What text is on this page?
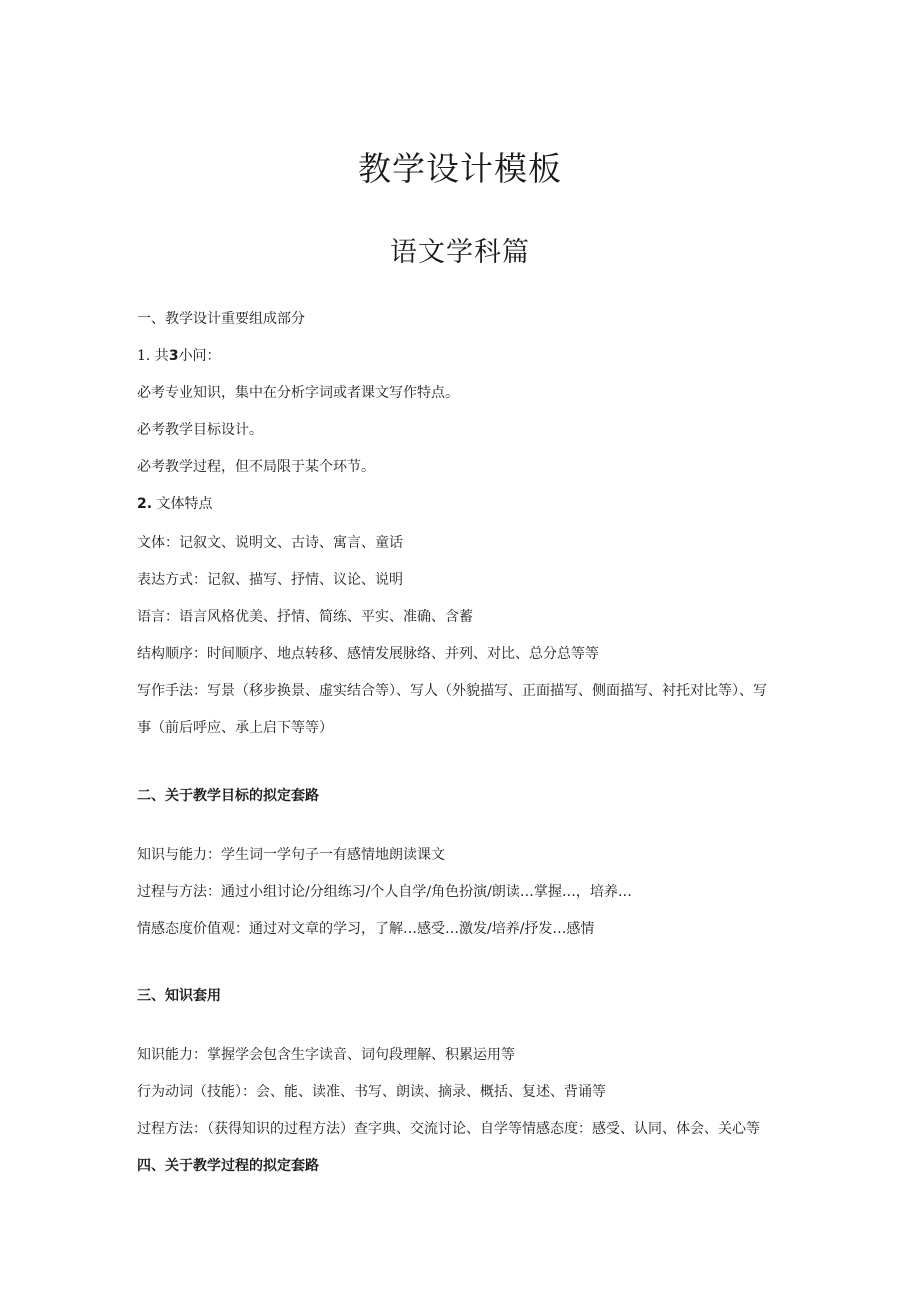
教学设计模板
语文学科篇

一、教学设计重要组成部分

1. 共3小问：

必考专业知识，集中在分析字词或者课文写作特点。

必考教学目标设计。

必考教学过程，但不局限于某个环节。

2. 文体特点

文体：记叙文、说明文、古诗、寓言、童话

表达方式：记叙、描写、抒情、议论、说明

语言：语言风格优美、抒情、简练、平实、准确、含蓄

结构顺序：时间顺序、地点转移、感情发展脉络、并列、对比、总分总等等

写作手法：写景（移步换景、虚实结合等）、写人（外貌描写、正面描写、侧面描写、衬托对比等）、写事（前后呼应、承上启下等等）

二、关于教学目标的拟定套路

知识与能力：学生词一学句子一有感情地朗读课文

过程与方法：通过小组讨论/分组练习/个人自学/角色扮演/朗读…掌握…，培养…

情感态度价值观：通过对文章的学习，了解…感受…激发/培养/抒发…感情

三、知识套用

知识能力：掌握学会包含生字读音、词句段理解、积累运用等

行为动词（技能）：会、能、读准、书写、朗读、摘录、概括、复述、背诵等

过程方法：（获得知识的过程方法）查字典、交流讨论、自学等情感态度：感受、认同、体会、关心等四、关于教学过程的拟定套路
